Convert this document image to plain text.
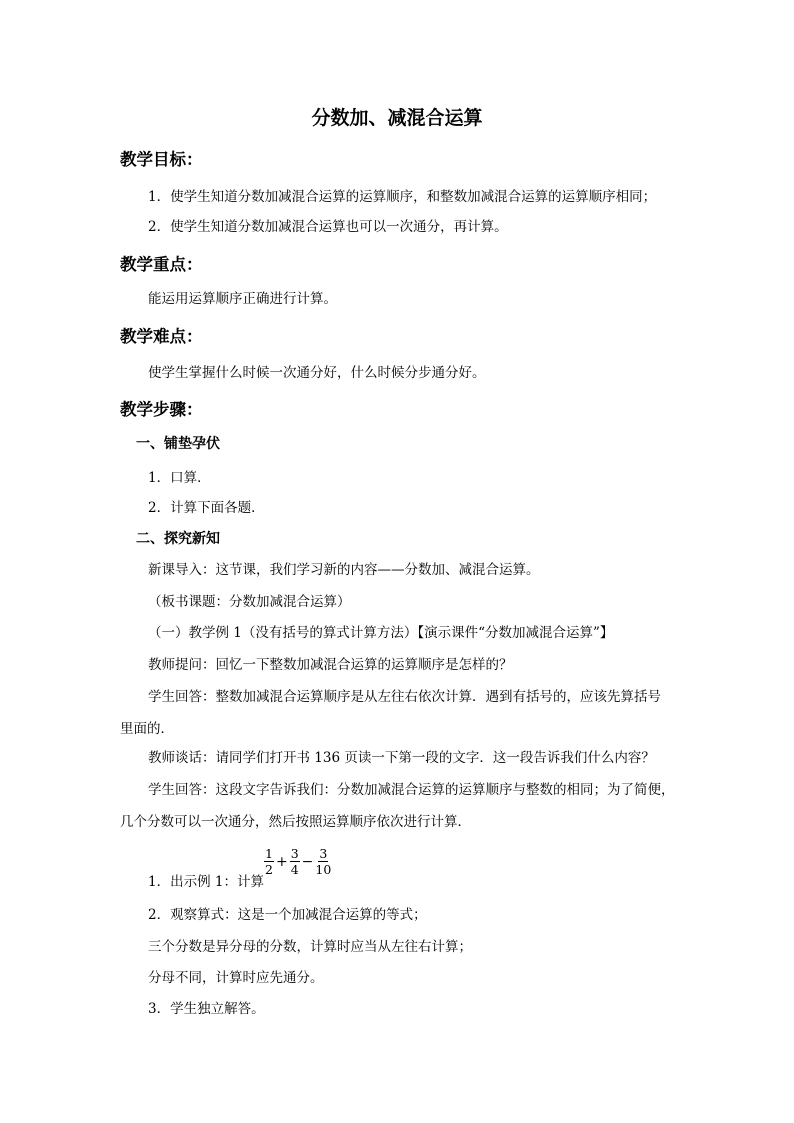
分数加、减混合运算
教学目标：
1．使学生知道分数加减混合运算的运算顺序，和整数加减混合运算的运算顺序相同；
2．使学生知道分数加减混合运算也可以一次通分，再计算。
教学重点：
能运用运算顺序正确进行计算。
教学难点：
使学生掌握什么时候一次通分好，什么时候分步通分好。
教学步骤：
一、铺垫孕伏
1．口算．
2．计算下面各题．
二、探究新知
新课导入：这节课，我们学习新的内容——分数加、减混合运算。
（板书课题：分数加减混合运算）
（一）教学例 1（没有括号的算式计算方法）【演示课件“分数加减混合运算”】
教师提问：回忆一下整数加减混合运算的运算顺序是怎样的？
学生回答：整数加减混合运算顺序是从左往右依次计算．遇到有括号的，应该先算括号
里面的．
教师谈话：请同学们打开书 136 页读一下第一段的文字．这一段告诉我们什么内容？
学生回答：这段文字告诉我们：分数加减混合运算的运算顺序与整数的相同；为了简便，
几个分数可以一次通分，然后按照运算顺序依次进行计算．
1．出示例 1：计算
$\frac{1}{2} + \frac{3}{4} - \frac{3}{10}$
2．观察算式：这是一个加减混合运算的等式；
三个分数是异分母的分数，计算时应当从左往右计算；
分母不同，计算时应先通分。
3．学生独立解答。
